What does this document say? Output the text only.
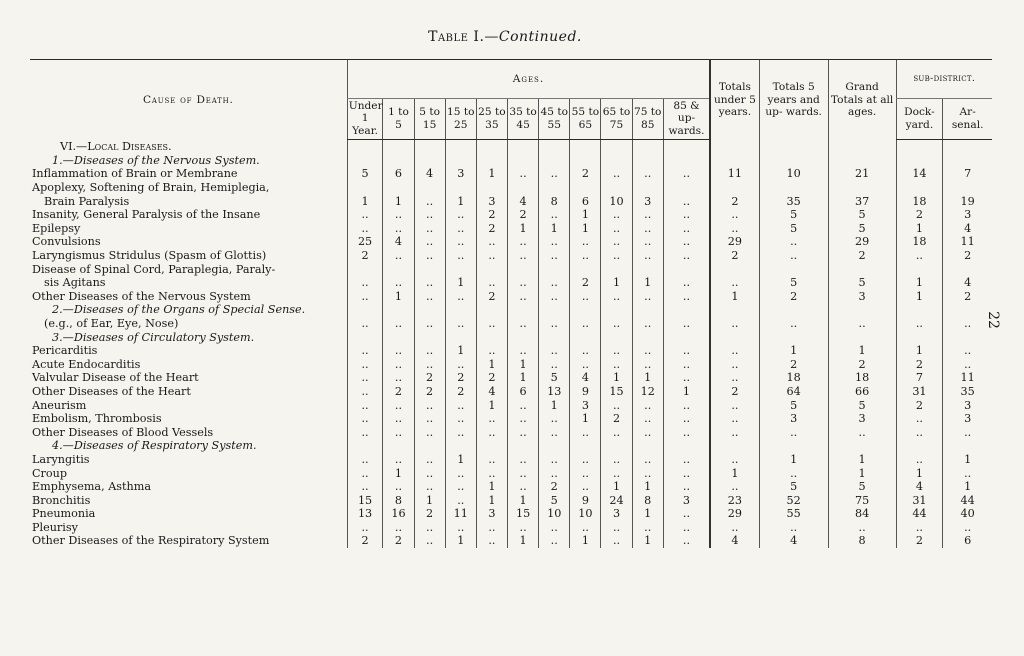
Table I.—Continued.
22
Cause of Death.	Ages.											Totals under 5 years.	Totals 5 years and up- wards.	Grand Totals at all ages.	sub-district.	
	Under 1 Year.	1 to 5	5 to 15	15 to 25	25 to 35	35 to 45	45 to 55	55 to 65	65 to 75	75 to 85	85 & up- wards.				Dock- yard.	Ar- senal.
VI.—Local Diseases.																
1.—Diseases of the Nervous System.																
Inflammation of Brain or Membrane	5	6	4	3	1	..	..	2	..	..	..	11	10	21	14	7
Apoplexy, Softening of Brain, Hemiplegia,																
Brain Paralysis	1	1	..	1	3	4	8	6	10	3	..	2	35	37	18	19
Insanity, General Paralysis of the Insane	..	..	..	..	2	2	..	1	..	..	..	..	5	5	2	3
Epilepsy	..	..	..	..	2	1	1	1	..	..	..	..	5	5	1	4
Convulsions	25	4	..	..	..	..	..	..	..	..	..	29	..	29	18	11
Laryngismus Stridulus (Spasm of Glottis)	2	..	..	..	..	..	..	..	..	..	..	2	..	2	..	2
Disease of Spinal Cord, Paraplegia, Paraly-																
sis Agitans	..	..	..	1	..	..	..	2	1	1	..	..	5	5	1	4
Other Diseases of the Nervous System	..	1	..	..	2	..	..	..	..	..	..	1	2	3	1	2
2.—Diseases of the Organs of Special Sense.																
(e.g., of Ear, Eye, Nose)	..	..	..	..	..	..	..	..	..	..	..	..	..	..	..	..
3.—Diseases of Circulatory System.																
Pericarditis	..	..	..	1	..	..	..	..	..	..	..	..	1	1	1	..
Acute Endocarditis	..	..	..	..	1	1	..	..	..	..	..	..	2	2	2	..
Valvular Disease of the Heart	..	..	2	2	2	1	5	4	1	1	..	..	18	18	7	11
Other Diseases of the Heart	..	2	2	2	4	6	13	9	15	12	1	2	64	66	31	35
Aneurism	..	..	..	..	1	..	1	3	..	..	..	..	5	5	2	3
Embolism, Thrombosis	..	..	..	..	..	..	..	1	2	..	..	..	3	3	..	3
Other Diseases of Blood Vessels	..	..	..	..	..	..	..	..	..	..	..	..	..	..	..	..
4.—Diseases of Respiratory System.																
Laryngitis	..	..	..	1	..	..	..	..	..	..	..	..	1	1	..	1
Croup	..	1	..	..	..	..	..	..	..	..	..	1	..	1	1	..
Emphysema, Asthma	..	..	..	..	1	..	2	..	1	1	..	..	5	5	4	1
Bronchitis	15	8	1	..	1	1	5	9	24	8	3	23	52	75	31	44
Pneumonia	13	16	2	11	3	15	10	10	3	1	..	29	55	84	44	40
Pleurisy	..	..	..	..	..	..	..	..	..	..	..	..	..	..	..	..
Other Diseases of the Respiratory System	2	2	..	1	..	1	..	1	..	1	..	4	4	8	2	6
